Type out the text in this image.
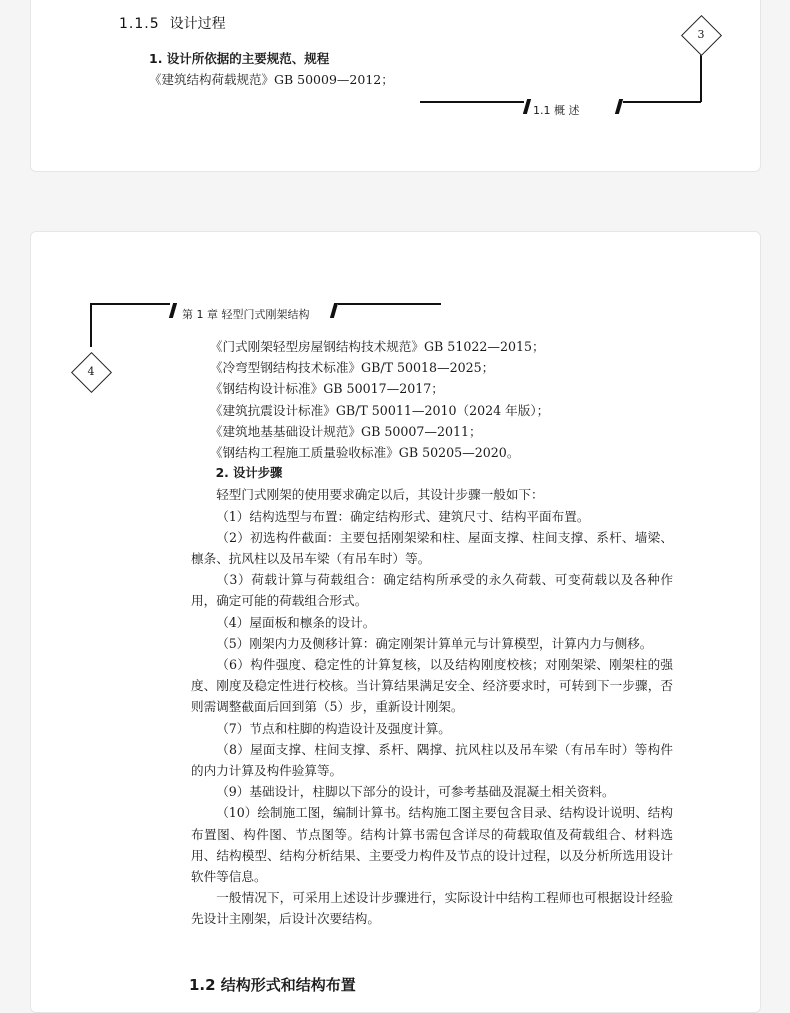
1.1.5 设计过程
1. 设计所依据的主要规范、规程
《建筑结构荷载规范》GB 50009—2012；
1.1 概 述
3
第 1 章 轻型门式刚架结构
4

《门式刚架轻型房屋钢结构技术规范》GB 51022—2015；

《冷弯型钢结构技术标准》GB/T 50018—2025；

《钢结构设计标准》GB 50017—2017；

《建筑抗震设计标准》GB/T 50011—2010（2024 年版）；

《建筑地基基础设计规范》GB 50007—2011；

《钢结构工程施工质量验收标准》GB 50205—2020。

2. 设计步骤

轻型门式刚架的使用要求确定以后，其设计步骤一般如下：

（1）结构选型与布置：确定结构形式、建筑尺寸、结构平面布置。

（2）初选构件截面：主要包括刚架梁和柱、屋面支撑、柱间支撑、系杆、墙梁、檩条、抗风柱以及吊车梁（有吊车时）等。

（3）荷载计算与荷载组合：确定结构所承受的永久荷载、可变荷载以及各种作用，确定可能的荷载组合形式。

（4）屋面板和檩条的设计。

（5）刚架内力及侧移计算：确定刚架计算单元与计算模型，计算内力与侧移。

（6）构件强度、稳定性的计算复核，以及结构刚度校核；对刚架梁、刚架柱的强度、刚度及稳定性进行校核。当计算结果满足安全、经济要求时，可转到下一步骤，否则需调整截面后回到第（5）步，重新设计刚架。

（7）节点和柱脚的构造设计及强度计算。

（8）屋面支撑、柱间支撑、系杆、隅撑、抗风柱以及吊车梁（有吊车时）等构件的内力计算及构件验算等。

（9）基础设计，柱脚以下部分的设计，可参考基础及混凝土相关资料。

（10）绘制施工图，编制计算书。结构施工图主要包含目录、结构设计说明、结构布置图、构件图、节点图等。结构计算书需包含详尽的荷载取值及荷载组合、材料选用、结构模型、结构分析结果、主要受力构件及节点的设计过程，以及分析所选用设计软件等信息。

一般情况下，可采用上述设计步骤进行，实际设计中结构工程师也可根据设计经验先设计主刚架，后设计次要结构。

1.2 结构形式和结构布置
